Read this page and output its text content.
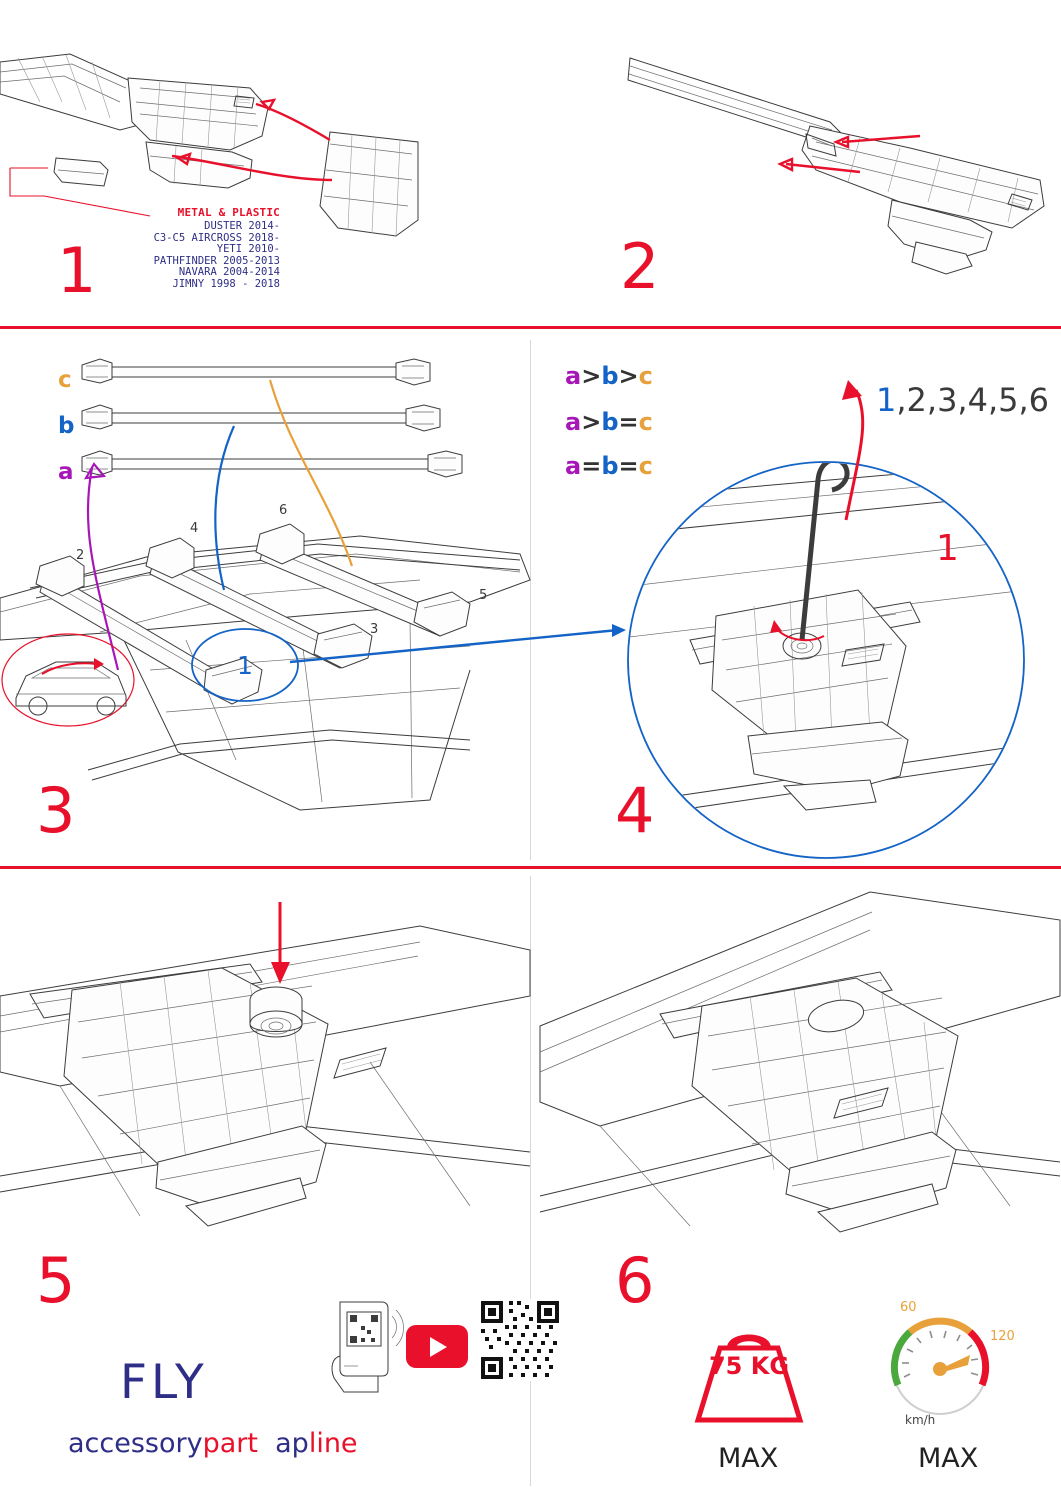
METAL & PLASTIC
DUSTER 2014-
C3-C5 AIRCROSS 2018-
YETI 2010-
PATHFINDER 2005-2013
NAVARA 2004-2014
JIMNY 1998 - 2018
1	2
c
b
a
a>b>c
a>b=c
a=b=c
2
4
6
5
3
1
3
1,2,3,4,5,6
1
4
5
FLY
accessorypart apline
6
75 KG
MAX
60
120
km/h
MAX
